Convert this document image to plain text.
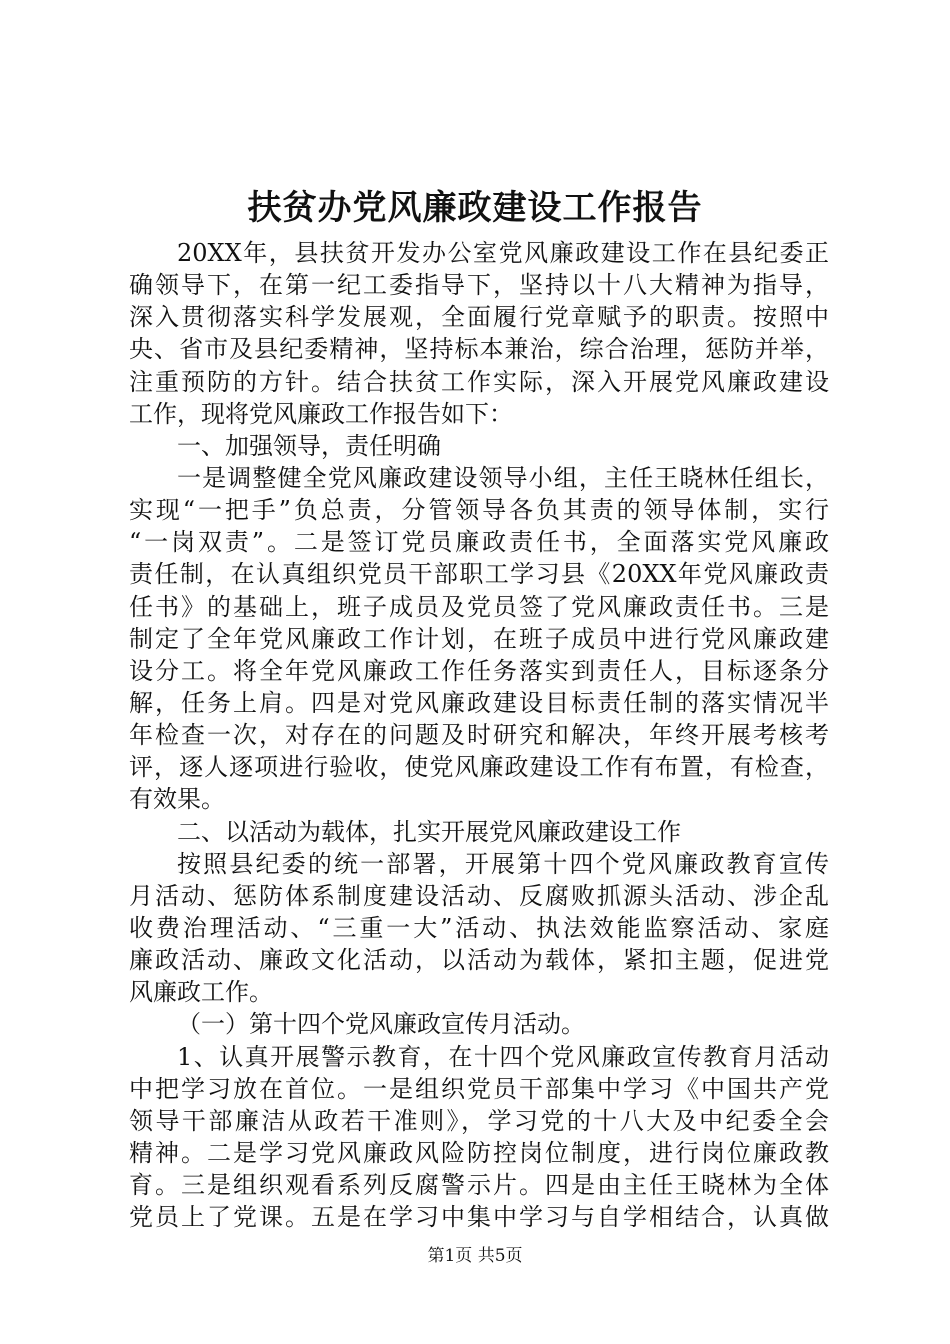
扶贫办党风廉政建设工作报告
20XX年，县扶贫开发办公室党风廉政建设工作在县纪委正
确领导下，在第一纪工委指导下，坚持以十八大精神为指导，
深入贯彻落实科学发展观，全面履行党章赋予的职责。按照中
央、省市及县纪委精神，坚持标本兼治，综合治理，惩防并举，
注重预防的方针。结合扶贫工作实际，深入开展党风廉政建设
工作，现将党风廉政工作报告如下：
一、加强领导，责任明确
一是调整健全党风廉政建设领导小组，主任王晓林任组长，
实现“一把手”负总责，分管领导各负其责的领导体制，实行
“一岗双责”。二是签订党员廉政责任书，全面落实党风廉政
责任制，在认真组织党员干部职工学习县《20XX年党风廉政责
任书》的基础上，班子成员及党员签了党风廉政责任书。三是
制定了全年党风廉政工作计划，在班子成员中进行党风廉政建
设分工。将全年党风廉政工作任务落实到责任人，目标逐条分
解，任务上肩。四是对党风廉政建设目标责任制的落实情况半
年检查一次，对存在的问题及时研究和解决，年终开展考核考
评，逐人逐项进行验收，使党风廉政建设工作有布置，有检查，
有效果。
二、以活动为载体，扎实开展党风廉政建设工作
按照县纪委的统一部署，开展第十四个党风廉政教育宣传
月活动、惩防体系制度建设活动、反腐败抓源头活动、涉企乱
收费治理活动、“三重一大”活动、执法效能监察活动、家庭
廉政活动、廉政文化活动，以活动为载体，紧扣主题，促进党
风廉政工作。
（一）第十四个党风廉政宣传月活动。
1、认真开展警示教育，在十四个党风廉政宣传教育月活动
中把学习放在首位。一是组织党员干部集中学习《中国共产党
领导干部廉洁从政若干准则》，学习党的十八大及中纪委全会
精神。二是学习党风廉政风险防控岗位制度，进行岗位廉政教
育。三是组织观看系列反腐警示片。四是由主任王晓林为全体
党员上了党课。五是在学习中集中学习与自学相结合，认真做
第1页 共5页
